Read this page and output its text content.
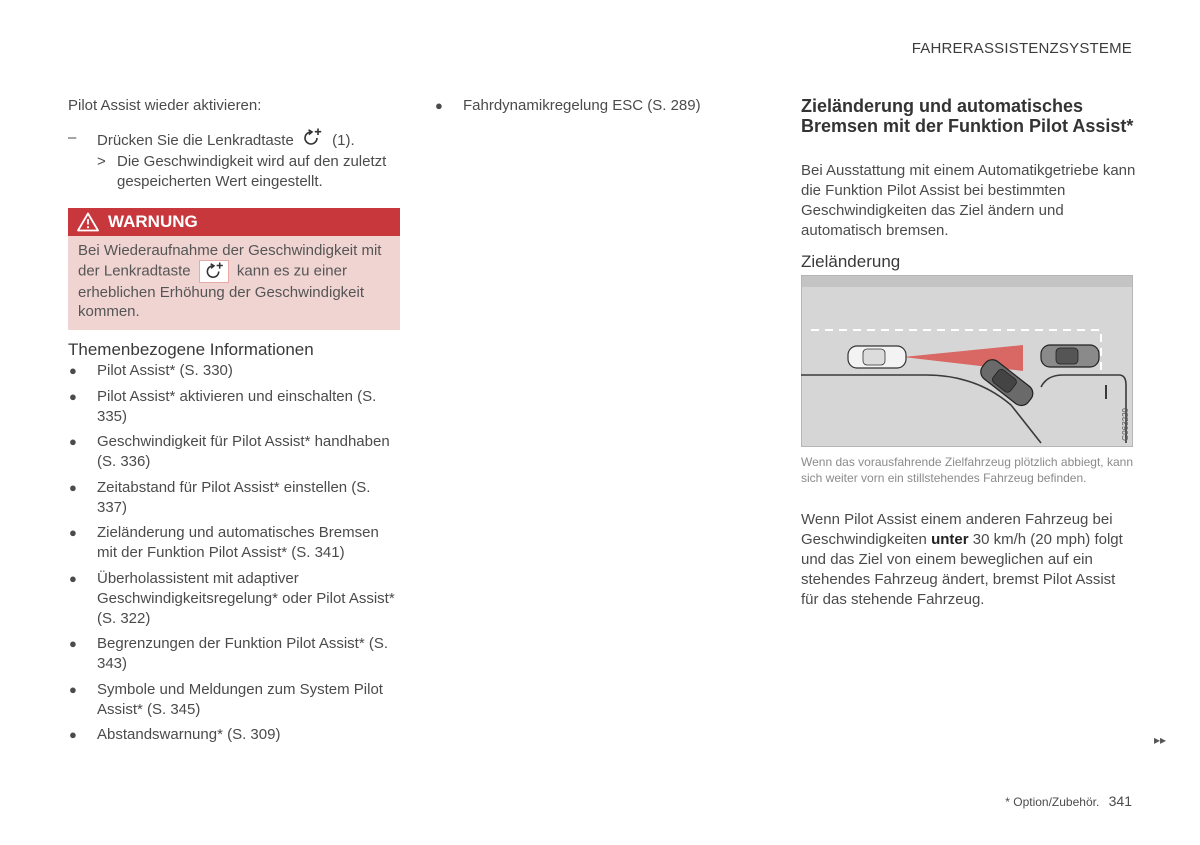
FAHRERASSISTENZSYSTEME
Pilot Assist wieder aktivieren:
– Drücken Sie die Lenkradtaste	(1).
> Die Geschwindigkeit wird auf den zuletzt gespeicherten Wert eingestellt.
WARNUNG
Bei Wiederaufnahme der Geschwindigkeit mit der Lenkradtaste	kann es zu einer erheblichen Erhöhung der Geschwindigkeit kommen.
Themenbezogene Informationen
● Pilot Assist* (S. 330)
● Pilot Assist* aktivieren und einschalten (S. 335)
● Geschwindigkeit für Pilot Assist* handhaben (S. 336)
● Zeitabstand für Pilot Assist* einstellen (S. 337)
● Zieländerung und automatisches Bremsen mit der Funktion Pilot Assist* (S. 341)
● Überholassistent mit adaptiver Geschwindigkeitsregelung* oder Pilot Assist* (S. 322)
● Begrenzungen der Funktion Pilot Assist* (S. 343)
● Symbole und Meldungen zum System Pilot Assist* (S. 345)
● Abstandswarnung* (S. 309)
● Fahrdynamikregelung ESC (S. 289)	Zieländerung und automatisches Bremsen mit der Funktion Pilot Assist*
Bei Ausstattung mit einem Automatikgetriebe kann die Funktion Pilot Assist bei bestimmten Geschwindigkeiten das Ziel ändern und automatisch bremsen.
Zieländerung
G063220
Wenn das vorausfahrende Zielfahrzeug plötzlich abbiegt, kann sich weiter vorn ein stillstehendes Fahrzeug befinden.
Wenn Pilot Assist einem anderen Fahrzeug bei Geschwindigkeiten unter 30 km/h (20 mph) folgt und das Ziel von einem beweglichen auf ein stehendes Fahrzeug ändert, bremst Pilot Assist für das stehende Fahrzeug.
▸▸
* Option/Zubehör. 341
